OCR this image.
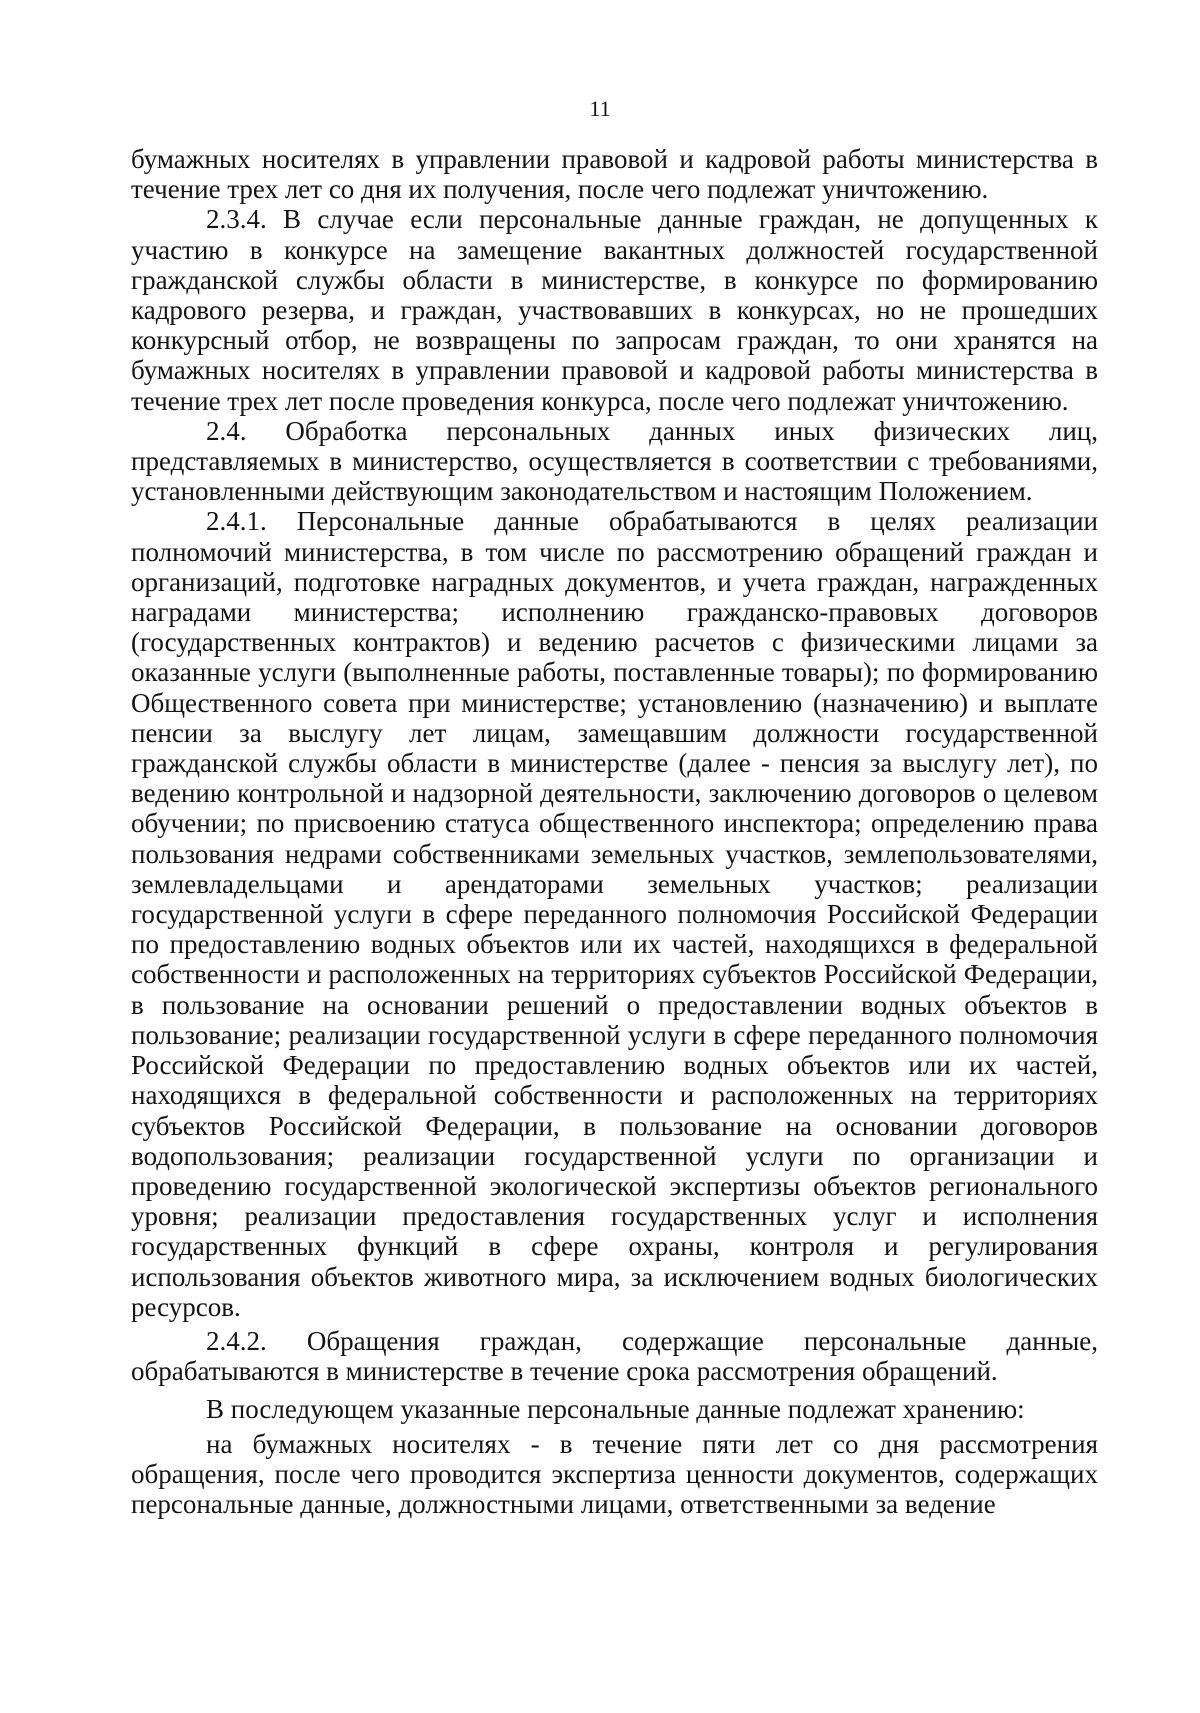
11

бумажных носителях в управлении правовой и кадровой работы министерства в течение трех лет со дня их получения, после чего подлежат уничтожению.

2.3.4. В случае если персональные данные граждан, не допущенных к участию в конкурсе на замещение вакантных должностей государственной гражданской службы области в министерстве, в конкурсе по формированию кадрового резерва, и граждан, участвовавших в конкурсах, но не прошедших конкурсный отбор, не возвращены по запросам граждан, то они хранятся на бумажных носителях в управлении правовой и кадровой работы министерства в течение трех лет после проведения конкурса, после чего подлежат уничтожению.

2.4. Обработка персональных данных иных физических лиц, представляемых в министерство, осуществляется в соответствии с требованиями, установленными действующим законодательством и настоящим Положением.

2.4.1. Персональные данные обрабатываются в целях реализации полномочий министерства, в том числе по рассмотрению обращений граждан и организаций, подготовке наградных документов, и учета граждан, награжденных наградами министерства; исполнению гражданско-правовых договоров (государственных контрактов) и ведению расчетов с физическими лицами за оказанные услуги (выполненные работы, поставленные товары); по формированию Общественного совета при министерстве; установлению (назначению) и выплате пенсии за выслугу лет лицам, замещавшим должности государственной гражданской службы области в министерстве (далее - пенсия за выслугу лет), по ведению контрольной и надзорной деятельности, заключению договоров о целевом обучении; по присвоению статуса общественного инспектора; определению права пользования недрами собственниками земельных участков, землепользователями, землевладельцами и арендаторами земельных участков; реализации государственной услуги в сфере переданного полномочия Российской Федерации по предоставлению водных объектов или их частей, находящихся в федеральной собственности и расположенных на территориях субъектов Российской Федерации, в пользование на основании решений о предоставлении водных объектов в пользование; реализации государственной услуги в сфере переданного полномочия Российской Федерации по предоставлению водных объектов или их частей, находящихся в федеральной собственности и расположенных на территориях субъектов Российской Федерации, в пользование на основании договоров водопользования; реализации государственной услуги по организации и проведению государственной экологической экспертизы объектов регионального уровня; реализации предоставления государственных услуг и исполнения государственных функций в сфере охраны, контроля и регулирования использования объектов животного мира, за исключением водных биологических ресурсов.

2.4.2. Обращения граждан, содержащие персональные данные, обрабатываются в министерстве в течение срока рассмотрения обращений.

В последующем указанные персональные данные подлежат хранению:

на бумажных носителях - в течение пяти лет со дня рассмотрения обращения, после чего проводится экспертиза ценности документов, содержащих персональные данные, должностными лицами, ответственными за ведение
